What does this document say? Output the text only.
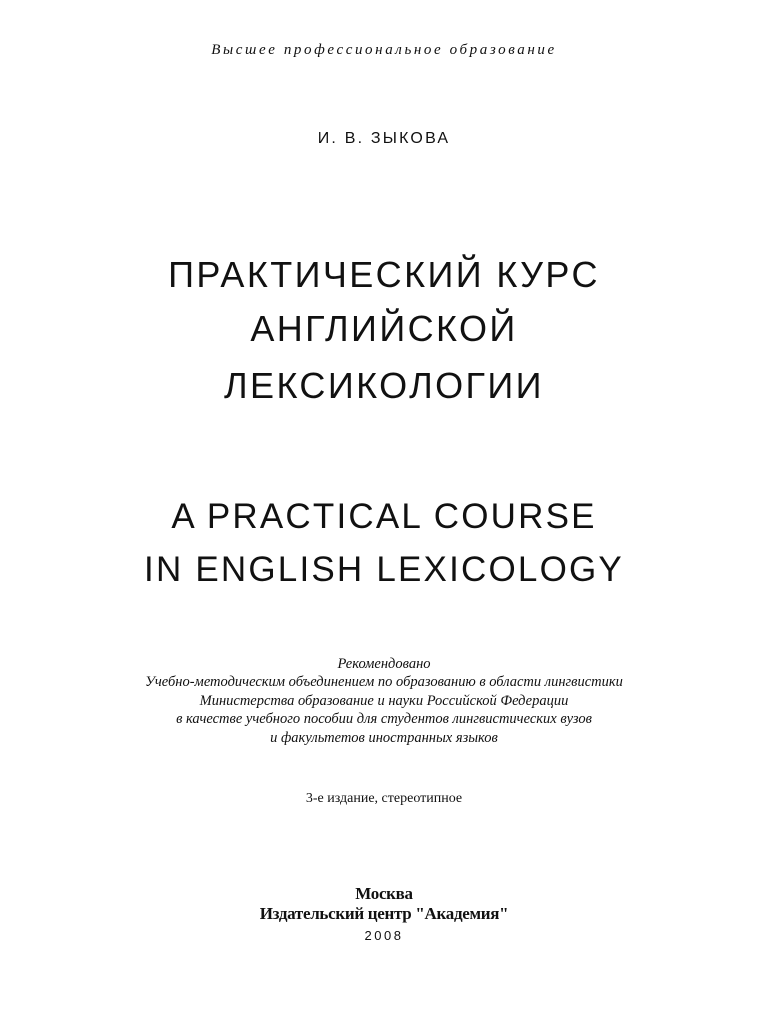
Высшее профессиональное образование
И. В. ЗЫКОВА
ПРАКТИЧЕСКИЙ КУРС
АНГЛИЙСКОЙ
ЛЕКСИКОЛОГИИ
A PRACTICAL COURSE
IN ENGLISH LEXICOLOGY
Рекомендовано
Учебно-методическим объединением по образованию в области лингвистики
Министерства образование и науки Российской Федерации
в качестве учебного пособии для студентов лингвистических вузов
и факультетов иностранных языков
3-е издание, стереотипное
Москва
Издательский центр "Академия"
2008
